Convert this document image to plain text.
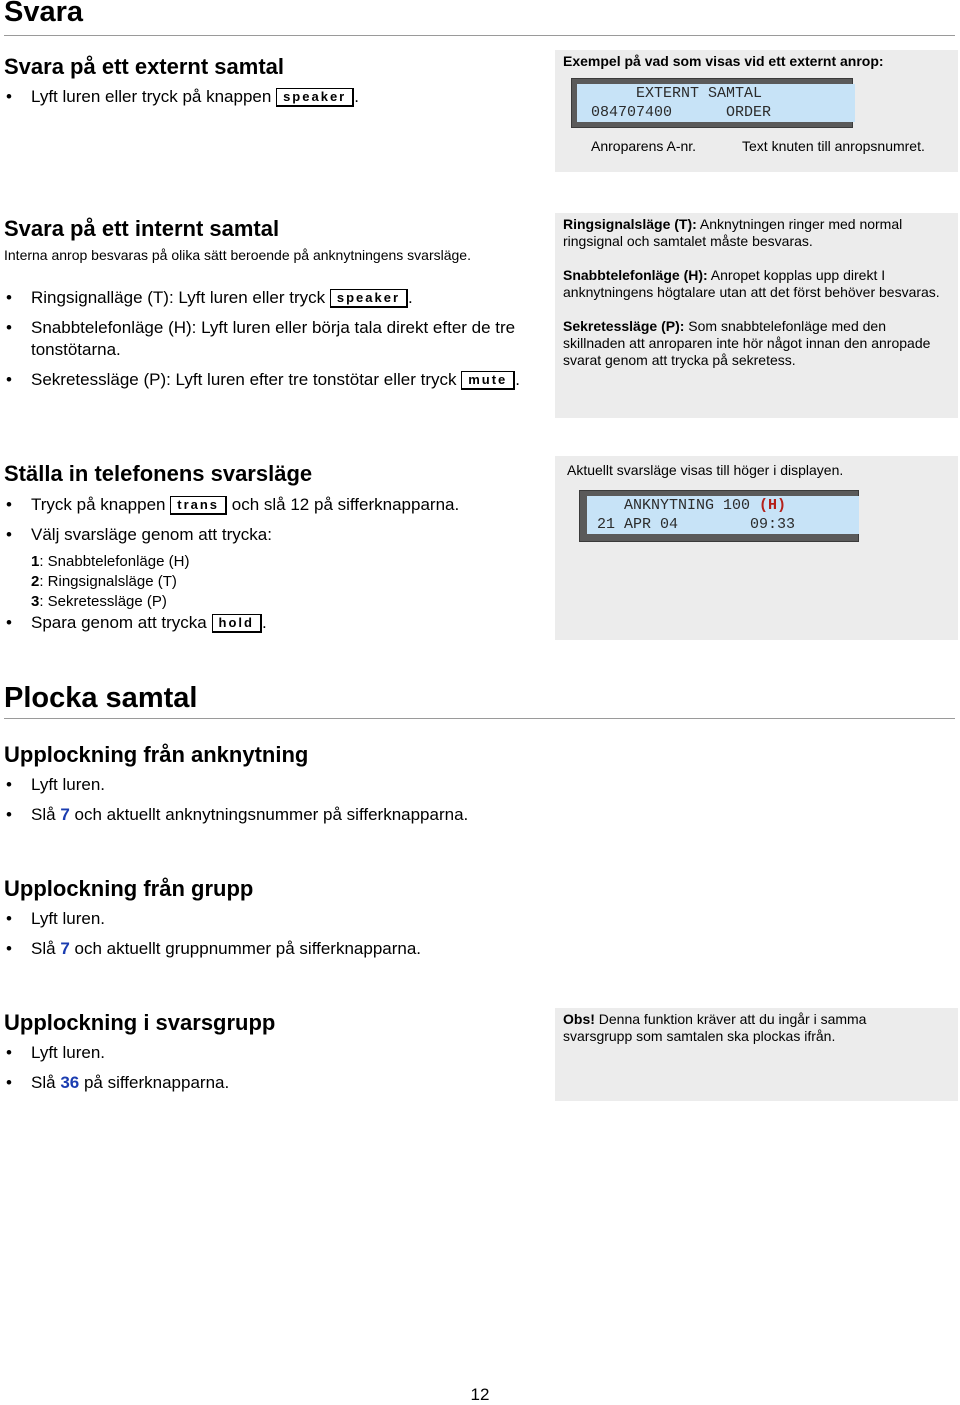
Svara
Svara på ett externt samtal
• Lyft luren eller tryck på knappen speaker .
Exempel på vad som visas vid ett externt anrop:
EXTERNT SAMTAL
084707400      ORDER
Anroparens A-nr.	Text knuten till anropsnumret.
Svara på ett internt samtal
Interna anrop besvaras på olika sätt beroende på anknytningens svarsläge.
• Ringsignalläge (T): Lyft luren eller tryck speaker .
• Snabbtelefonläge (H): Lyft luren eller börja tala direkt efter de tre tonstötarna.
• Sekretessläge (P): Lyft luren efter tre tonstötar eller tryck mute .

Ringsignalsläge (T): Anknytningen ringer med normal ringsignal och samtalet måste besvaras.

Snabbtelefonläge (H): Anropet kopplas upp direkt I anknytningens högtalare utan att det först behöver besvaras.

Sekretessläge (P): Som snabbtelefonläge med den skillnaden att anroparen inte hör något innan den anropade svarat genom att trycka på sekretess.

Ställa in telefonens svarsläge
• Tryck på knappen trans och slå 12 på sifferknapparna.
• Välj svarsläge genom att trycka:
1: Snabbtelefonläge (H)
2: Ringsignalsläge (T)
3: Sekretessläge (P)
• Spara genom att trycka hold .
Aktuellt svarsläge visas till höger i displayen.
ANKNYTNING 100 (H)
21 APR 04        09:33
Plocka samtal
Upplockning från anknytning
• Lyft luren.
• Slå 7 och aktuellt anknytningsnummer på sifferknapparna.
Upplockning från grupp
• Lyft luren.
• Slå 7 och aktuellt gruppnummer på sifferknapparna.
Upplockning i svarsgrupp
• Lyft luren.
• Slå 36 på sifferknapparna.
Obs! Denna funktion kräver att du ingår i samma svarsgrupp som samtalen ska plockas ifrån.
12
